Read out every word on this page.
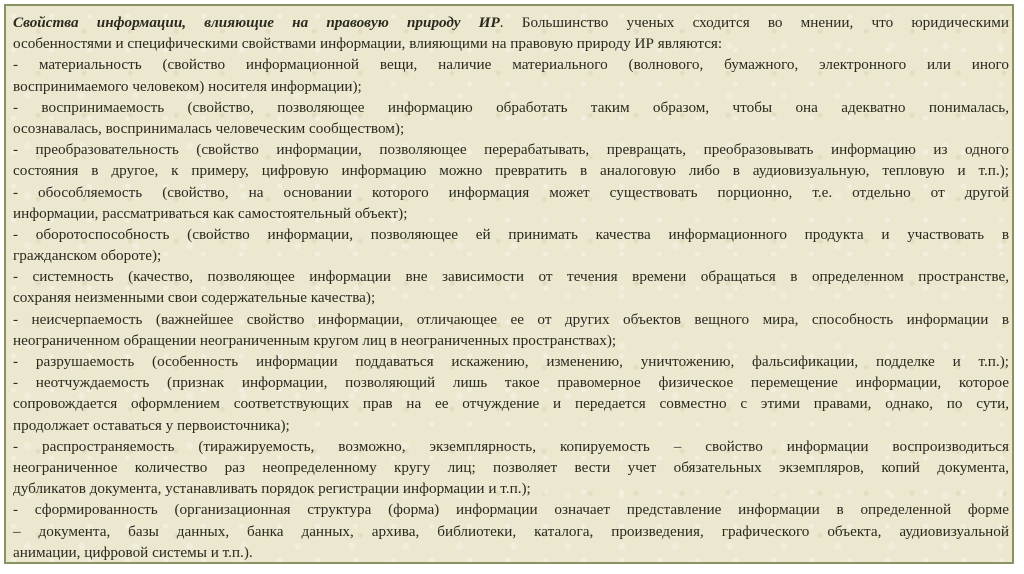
Свойства информации, влияющие на правовую природу ИР. Большинство ученых сходится во мнении, что юридическими
особенностями и специфическими свойствами информации, влияющими на правовую природу ИР являются:
- материальность (свойство информационной вещи, наличие материального (волнового, бумажного, электронного или иного
воспринимаемого человеком) носителя информации);
- воспринимаемость (свойство, позволяющее информацию обработать таким образом, чтобы она адекватно понималась,
осознавалась, воспринималась человеческим сообществом);
- преобразовательность (свойство информации, позволяющее перерабатывать, превращать, преобразовывать информацию из одного
состояния в другое, к примеру, цифровую информацию можно превратить в аналоговую либо в аудиовизуальную, тепловую и т.п.);
- обособляемость (свойство, на основании которого информация может существовать порционно, т.е. отдельно от другой
информации, рассматриваться как самостоятельный объект);
- оборотоспособность (свойство информации, позволяющее ей принимать качества информационного продукта и участвовать в
гражданском обороте);
- системность (качество, позволяющее информации вне зависимости от течения времени обращаться в определенном пространстве,
сохраняя неизменными свои содержательные качества);
- неисчерпаемость (важнейшее свойство информации, отличающее ее от других объектов вещного мира, способность информации в
неограниченном обращении неограниченным кругом лиц в неограниченных пространствах);
- разрушаемость (особенность информации поддаваться искажению, изменению, уничтожению, фальсификации, подделке и т.п.);
- неотчуждаемость (признак информации, позволяющий лишь такое правомерное физическое перемещение информации, которое
сопровождается оформлением соответствующих прав на ее отчуждение и передается совместно с этими правами, однако, по сути,
продолжает оставаться у первоисточника);
- распространяемость (тиражируемость, возможно, экземплярность, копируемость – свойство информации воспроизводиться
неограниченное количество раз неопределенному кругу лиц; позволяет вести учет обязательных экземпляров, копий документа,
дубликатов документа, устанавливать порядок регистрации информации и т.п.);
- сформированность (организационная структура (форма) информации означает представление информации в определенной форме
– документа, базы данных, банка данных, архива, библиотеки, каталога, произведения, графического объекта, аудиовизуальной
анимации, цифровой системы и т.п.).
